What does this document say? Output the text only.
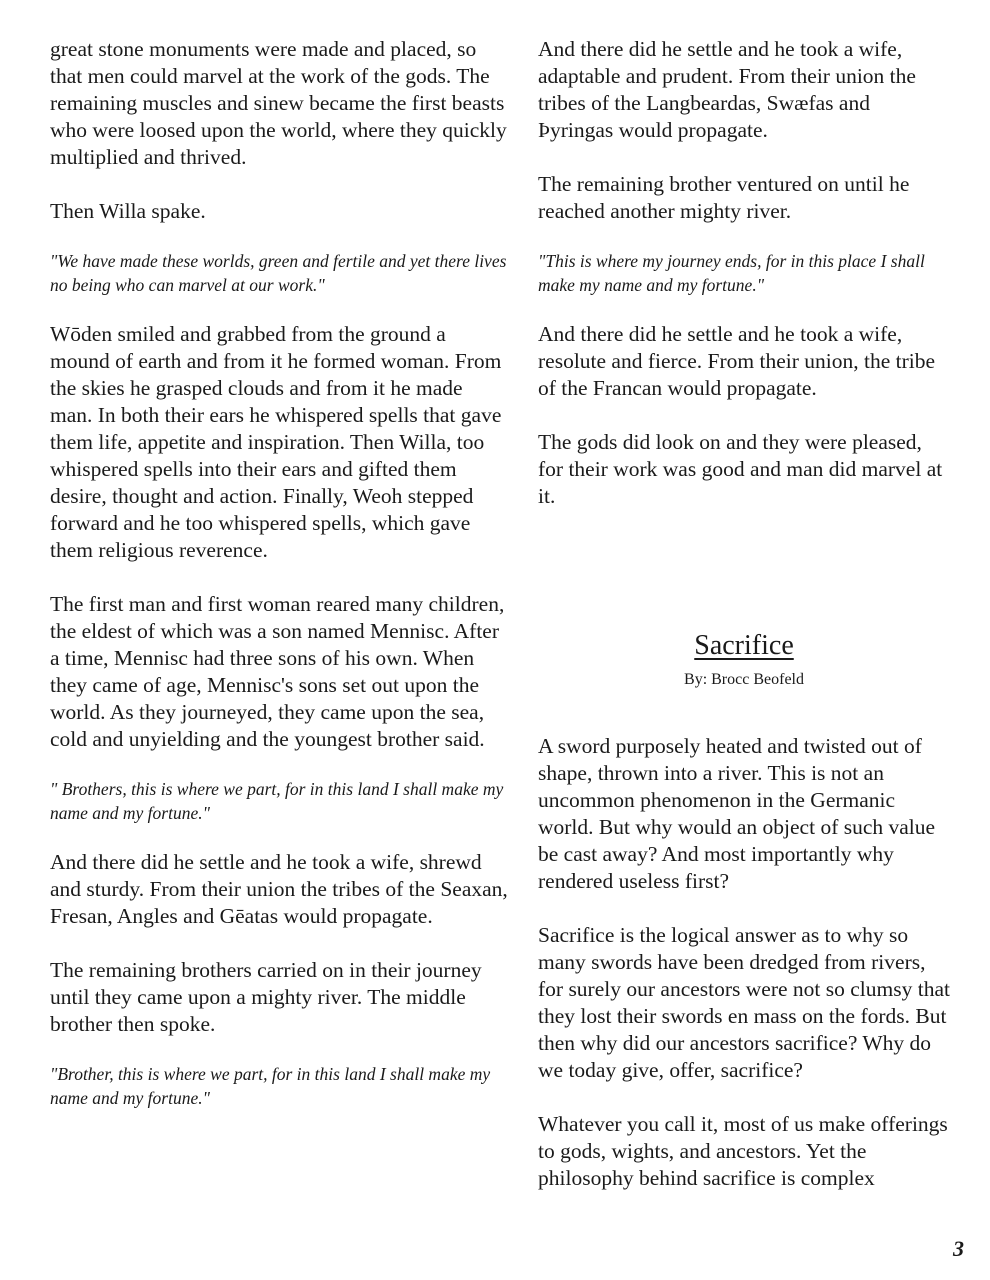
great stone monuments were made and placed, so that men could marvel at the work of the gods. The remaining muscles and sinew became the first beasts who were loosed upon the world, where they quickly multiplied and thrived.

Then Willa spake.

"We have made these worlds, green and fertile and yet there lives no being who can marvel at our work."

Wōden smiled and grabbed from the ground a mound of earth and from it he formed woman. From the skies he grasped clouds and from it he made man. In both their ears he whispered spells that gave them life, appetite and inspiration. Then Willa, too whispered spells into their ears and gifted them desire, thought and action. Finally, Weoh stepped forward and he too whispered spells, which gave them religious reverence.

The first man and first woman reared many children, the eldest of which was a son named Mennisc. After a time, Mennisc had three sons of his own. When they came of age, Mennisc's sons set out upon the world. As they journeyed, they came upon the sea, cold and unyielding and the youngest brother said.

" Brothers, this is where we part, for in this land I shall make my name and my fortune."

And there did he settle and he took a wife, shrewd and sturdy. From their union the tribes of the Seaxan, Fresan, Angles and Gēatas would propagate.

The remaining brothers carried on in their journey until they came upon a mighty river. The middle brother then spoke.

"Brother, this is where we part, for in this land I shall make my name and my fortune."

And there did he settle and he took a wife, adaptable and prudent. From their union the tribes of the Langbeardas, Swæfas and Þyringas would propagate.

The remaining brother ventured on until he reached another mighty river.

"This is where my journey ends, for in this place I shall make my name and my fortune."

And there did he settle and he took a wife, resolute and fierce. From their union, the tribe of the Francan would propagate.

The gods did look on and they were pleased, for their work was good and man did marvel at it.

Sacrifice
By: Brocc Beofeld

A sword purposely heated and twisted out of shape, thrown into a river. This is not an uncommon phenomenon in the Germanic world. But why would an object of such value be cast away? And most importantly why rendered useless first?

Sacrifice is the logical answer as to why so many swords have been dredged from rivers, for surely our ancestors were not so clumsy that they lost their swords en mass on the fords. But then why did our ancestors sacrifice? Why do we today give, offer, sacrifice?

Whatever you call it, most of us make offerings to gods, wights, and ancestors. Yet the philosophy behind sacrifice is complex

3
